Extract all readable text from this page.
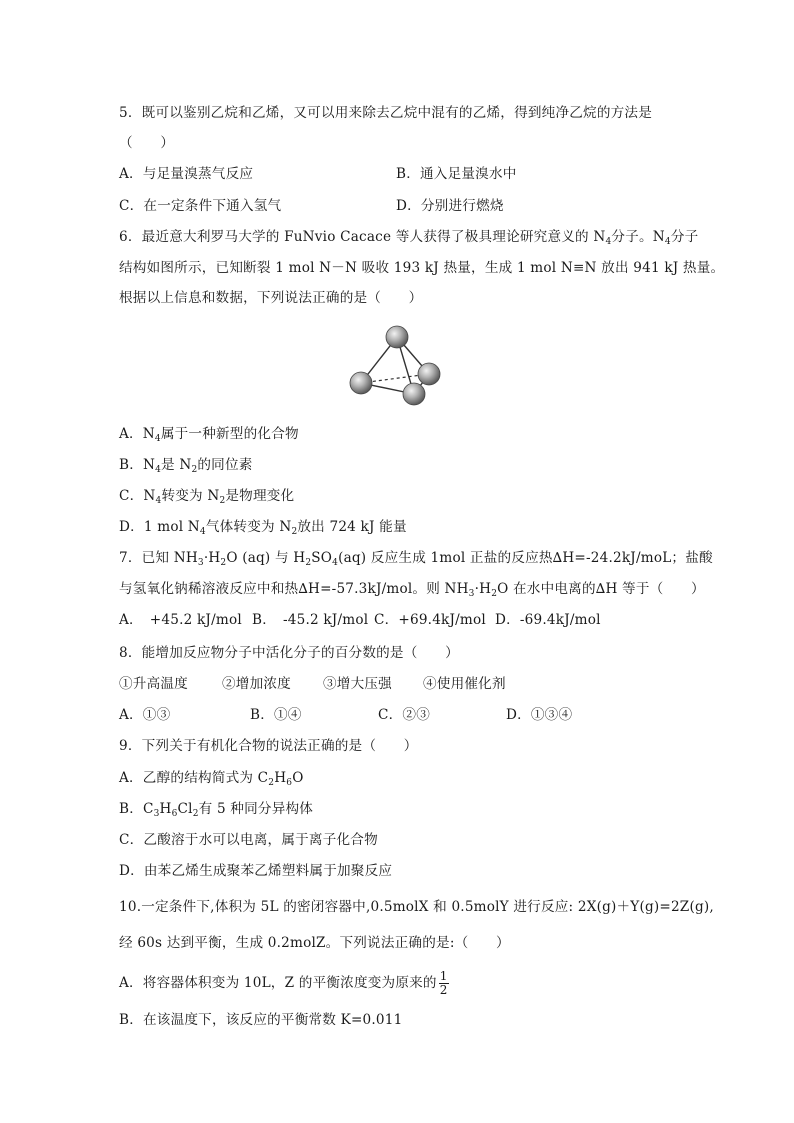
5．既可以鉴别乙烷和乙烯，又可以用来除去乙烷中混有的乙烯，得到纯净乙烷的方法是
（　　）
A．与足量溴蒸气反应	B．通入足量溴水中
C．在一定条件下通入氢气	D．分别进行燃烧
6．最近意大利罗马大学的 FuNvio Cacace 等人获得了极具理论研究意义的 $N_4$分子。$N_4$分子
结构如图所示，已知断裂 1 mol N－N 吸收 193 kJ 热量，生成 1 mol N≡N 放出 941 kJ 热量。
根据以上信息和数据，下列说法正确的是（　　）
A．$N_4$属于一种新型的化合物
B．$N_4$是 $N_2$的同位素
C．$N_4$转变为 $N_2$是物理变化
D．1 mol $N_4$气体转变为 $N_2$放出 724 kJ 能量
7．已知 $NH_3\cdot H_2O$ (aq) 与 $H_2SO_4(aq)$ 反应生成 1mol 正盐的反应热∆H=-24.2kJ/moL；盐酸
与氢氧化钠稀溶液反应中和热∆H=-57.3kJ/mol。则 $NH_3\cdot H_2O$ 在水中电离的∆H 等于（　　）
A．　+45.2 kJ/mol B．　-45.2 kJ/mol C．+69.4kJ/mol D．-69.4kJ/mol
8．能增加反应物分子中活化分子的百分数的是（　　）
①升高温度	②增加浓度 ③增大压强 ④使用催化剂
A．①③	B．①④	C．②③	D．①③④
9．下列关于有机化合物的说法正确的是（　　）
A．乙醇的结构简式为 $C_2H_6O$
B．$C_3H_6Cl_2$有 5 种同分异构体
C．乙酸溶于水可以电离，属于离子化合物
D．由苯乙烯生成聚苯乙烯塑料属于加聚反应
10.一定条件下,体积为 5L 的密闭容器中,0.5molX 和 0.5molY 进行反应: 2X(g)＋Y(g)=2Z(g),
经 60s 达到平衡，生成 0.2molZ。下列说法正确的是:（　　）
A．将容器体积变为 10L，Z 的平衡浓度变为原来的 $\frac{1}{2}$
B．在该温度下，该反应的平衡常数 K=0.011
